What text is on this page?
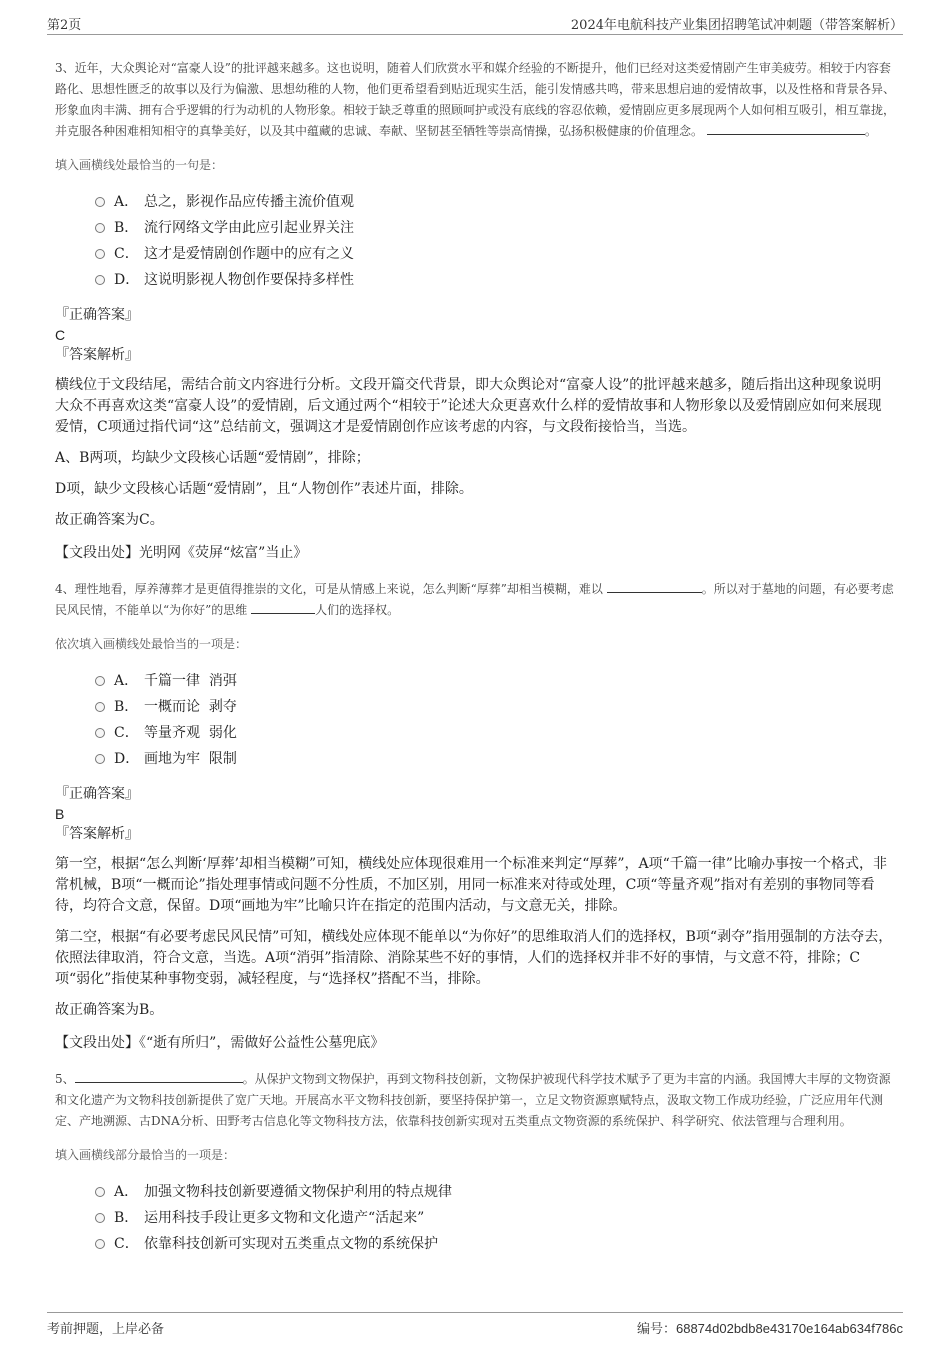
第2页	2024年电航科技产业集团招聘笔试冲刺题（带答案解析）

3、近年，大众舆论对“富豪人设”的批评越来越多。这也说明，随着人们欣赏水平和媒介经验的不断提升，他们已经对这类爱情剧产生审美疲劳。相较于内容套路化、思想性匮乏的故事以及行为偏激、思想幼稚的人物，他们更希望看到贴近现实生活，能引发情感共鸣，带来思想启迪的爱情故事，以及性格和背景各异、形象血肉丰满、拥有合乎逻辑的行为动机的人物形象。相较于缺乏尊重的照顾呵护或没有底线的容忍依赖，爱情剧应更多展现两个人如何相互吸引，相互靠拢，并克服各种困难相知相守的真挚美好，以及其中蕴藏的忠诚、奉献、坚韧甚至牺牲等崇高情操，弘扬积极健康的价值理念。	。

填入画横线处最恰当的一句是：

A． 总之，影视作品应传播主流价值观
B． 流行网络文学由此应引起业界关注
C． 这才是爱情剧创作题中的应有之义
D． 这说明影视人物创作要保持多样性

『正确答案』

C

『答案解析』

横线位于文段结尾，需结合前文内容进行分析。文段开篇交代背景，即大众舆论对“富豪人设”的批评越来越多，随后指出这种现象说明大众不再喜欢这类“富豪人设”的爱情剧，后文通过两个“相较于”论述大众更喜欢什么样的爱情故事和人物形象以及爱情剧应如何来展现爱情，C项通过指代词“这”总结前文，强调这才是爱情剧创作应该考虑的内容，与文段衔接恰当，当选。

A、B两项，均缺少文段核心话题“爱情剧”，排除；

D项，缺少文段核心话题“爱情剧”，且“人物创作”表述片面，排除。

故正确答案为C。

【文段出处】光明网《荧屏“炫富”当止》

4、理性地看，厚养薄葬才是更值得推崇的文化，可是从情感上来说，怎么判断“厚葬”却相当模糊，难以	。所以对于墓地的问题，有必要考虑民风民情，不能单以“为你好”的思维	人们的选择权。

依次填入画横线处最恰当的一项是：

A． 千篇一律  消弭
B． 一概而论  剥夺
C． 等量齐观  弱化
D． 画地为牢  限制

『正确答案』

B

『答案解析』

第一空，根据“怎么判断‘厚葬’却相当模糊”可知，横线处应体现很难用一个标准来判定“厚葬”，A项“千篇一律”比喻办事按一个格式，非常机械，B项“一概而论”指处理事情或问题不分性质，不加区别，用同一标准来对待或处理，C项“等量齐观”指对有差别的事物同等看待，均符合文意，保留。D项“画地为牢”比喻只许在指定的范围内活动，与文意无关，排除。

第二空，根据“有必要考虑民风民情”可知，横线处应体现不能单以“为你好”的思维取消人们的选择权，B项“剥夺”指用强制的方法夺去，依照法律取消，符合文意，当选。A项“消弭”指清除、消除某些不好的事情，人们的选择权并非不好的事情，与文意不符，排除；C项“弱化”指使某种事物变弱，减轻程度，与“选择权”搭配不当，排除。

故正确答案为B。

【文段出处】《“逝有所归”，需做好公益性公墓兜底》

5、	。从保护文物到文物保护，再到文物科技创新，文物保护被现代科学技术赋予了更为丰富的内涵。我国博大丰厚的文物资源和文化遗产为文物科技创新提供了宽广天地。开展高水平文物科技创新，要坚持保护第一，立足文物资源禀赋特点，汲取文物工作成功经验，广泛应用年代测定、产地溯源、古DNA分析、田野考古信息化等文物科技方法，依靠科技创新实现对五类重点文物资源的系统保护、科学研究、依法管理与合理利用。

填入画横线部分最恰当的一项是：

A． 加强文物科技创新要遵循文物保护利用的特点规律
B． 运用科技手段让更多文物和文化遗产“活起来”
C． 依靠科技创新可实现对五类重点文物的系统保护
考前押题，上岸必备	编号：68874d02bdb8e43170e164ab634f786c
